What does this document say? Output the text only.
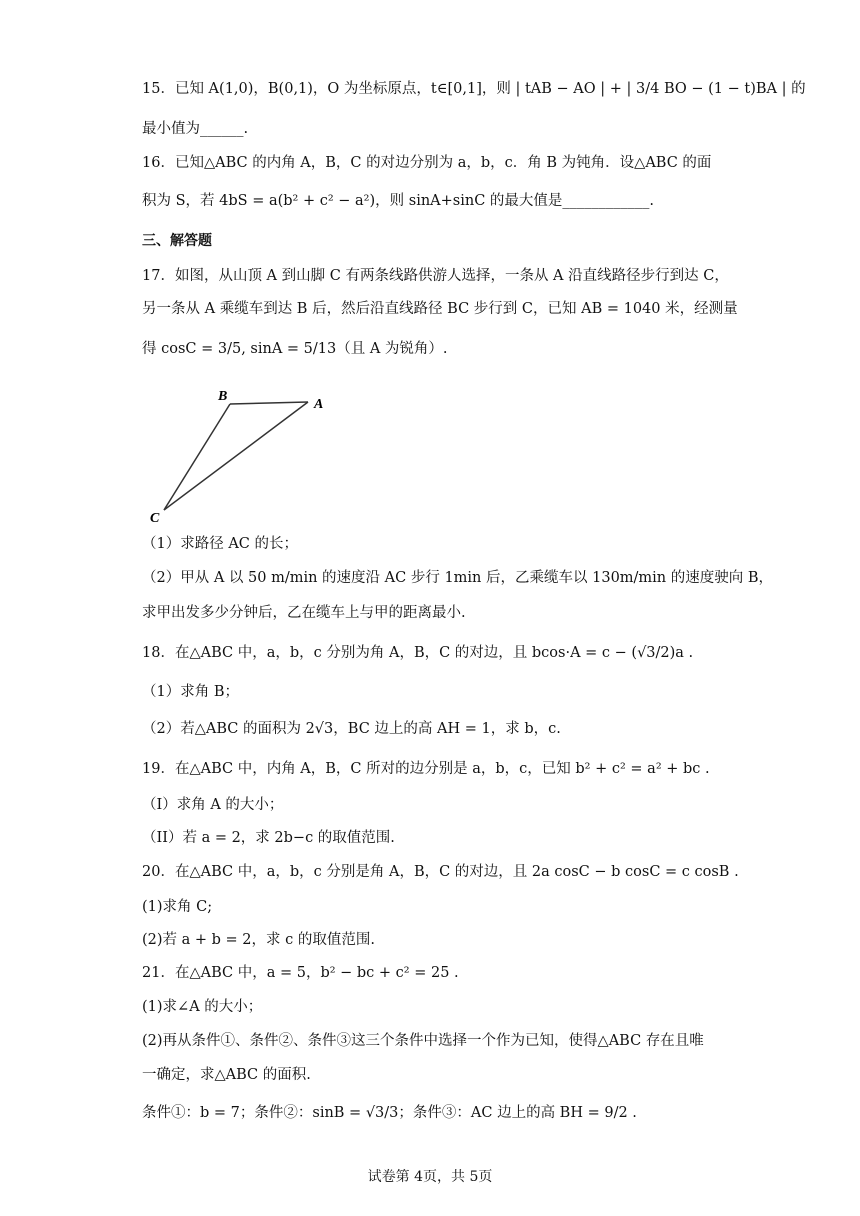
15．已知 A(1,0)，B(0,1)，O 为坐标原点，t∈[0,1]，则 | tAB − AO | + | 3/4 BO − (1 − t)BA | 的
最小值为______.
16．已知△ABC 的内角 A，B，C 的对边分别为 a，b，c．角 B 为钝角．设△ABC 的面
积为 S，若 4bS = a(b² + c² − a²)，则 sinA+sinC 的最大值是____________.
三、解答题
17．如图，从山顶 A 到山脚 C 有两条线路供游人选择，一条从 A 沿直线路径步行到达 C，
另一条从 A 乘缆车到达 B 后，然后沿直线路径 BC 步行到 C，已知 AB = 1040 米，经测量
得 cosC = 3/5, sinA = 5/13（且 A 为锐角）.
B
A
C
（1）求路径 AC 的长；
（2）甲从 A 以 50 m/min 的速度沿 AC 步行 1min 后，乙乘缆车以 130m/min 的速度驶向 B，
求甲出发多少分钟后，乙在缆车上与甲的距离最小.
18．在△ABC 中，a，b，c 分别为角 A，B，C 的对边，且 bcos·A = c − (√3/2)a .
（1）求角 B；
（2）若△ABC 的面积为 2√3，BC 边上的高 AH = 1，求 b，c.
19．在△ABC 中，内角 A，B，C 所对的边分别是 a，b，c，已知 b² + c² = a² + bc .
（I）求角 A 的大小；
（II）若 a = 2，求 2b−c 的取值范围.
20．在△ABC 中，a，b，c 分别是角 A，B，C 的对边，且 2a cosC − b cosC = c cosB .
(1)求角 C;
(2)若 a + b = 2，求 c 的取值范围.
21．在△ABC 中，a = 5，b² − bc + c² = 25 .
(1)求∠A 的大小；
(2)再从条件①、条件②、条件③这三个条件中选择一个作为已知，使得△ABC 存在且唯
一确定，求△ABC 的面积.
条件①：b = 7；条件②：sinB = √3/3；条件③：AC 边上的高 BH = 9/2 .
试卷第 4页，共 5页
